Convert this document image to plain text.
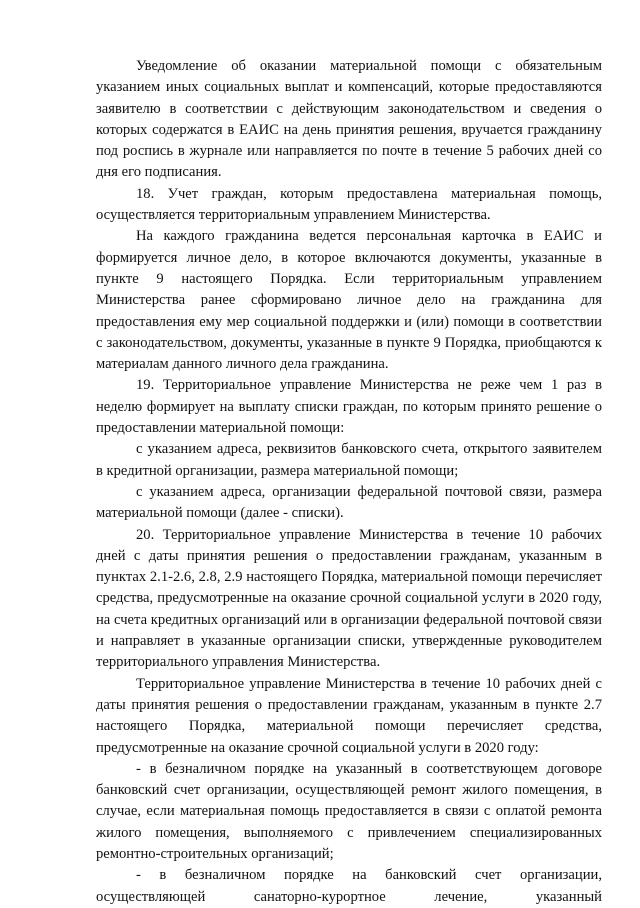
Уведомление об оказании материальной помощи с обязательным указанием иных социальных выплат и компенсаций, которые предоставляются заявителю в соответствии с действующим законодательством и сведения о которых содержатся в ЕАИС на день принятия решения, вручается гражданину под роспись в журнале или направляется по почте в течение 5 рабочих дней со дня его подписания.

18. Учет граждан, которым предоставлена материальная помощь, осуществляется территориальным управлением Министерства.

На каждого гражданина ведется персональная карточка в ЕАИС и формируется личное дело, в которое включаются документы, указанные в пункте 9 настоящего Порядка. Если территориальным управлением Министерства ранее сформировано личное дело на гражданина для предоставления ему мер социальной поддержки и (или) помощи в соответствии с законодательством, документы, указанные в пункте 9 Порядка, приобщаются к материалам данного личного дела гражданина.

19. Территориальное управление Министерства не реже чем 1 раз в неделю формирует на выплату списки граждан, по которым принято решение о предоставлении материальной помощи:

с указанием адреса, реквизитов банковского счета, открытого заявителем в кредитной организации, размера материальной помощи;

с указанием адреса, организации федеральной почтовой связи, размера материальной помощи (далее - списки).

20. Территориальное управление Министерства в течение 10 рабочих дней с даты принятия решения о предоставлении гражданам, указанным в пунктах 2.1-2.6, 2.8, 2.9 настоящего Порядка, материальной помощи перечисляет средства, предусмотренные на оказание срочной социальной услуги в 2020 году, на счета кредитных организаций или в организации федеральной почтовой связи и направляет в указанные организации списки, утвержденные руководителем территориального управления Министерства.

Территориальное управление Министерства в течение 10 рабочих дней с даты принятия решения о предоставлении гражданам, указанным в пункте 2.7 настоящего Порядка, материальной помощи перечисляет средства, предусмотренные на оказание срочной социальной услуги в 2020 году:

- в безналичном порядке на указанный в соответствующем договоре банковский счет организации, осуществляющей ремонт жилого помещения, в случае, если материальная помощь предоставляется в связи с оплатой ремонта жилого помещения, выполняемого с привлечением специализированных ремонтно-строительных организаций;

- в безналичном порядке на банковский счет организации, осуществляющей санаторно-курортное лечение, указанный
